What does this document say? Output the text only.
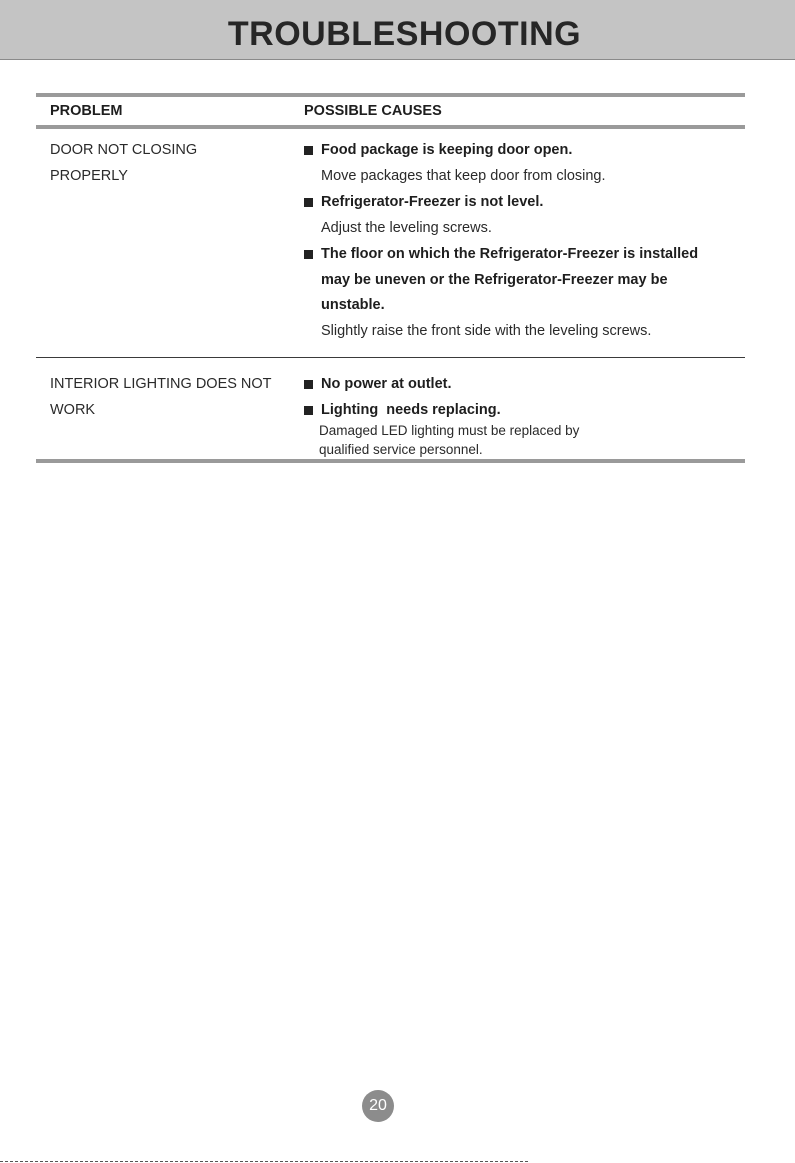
TROUBLESHOOTING
PROBLEM	POSSIBLE CAUSES
DOOR NOT CLOSING
PROPERLY
Food package is keeping door open.
Move packages that keep door from closing.
Refrigerator-Freezer is not level.
Adjust the leveling screws.
The floor on which the Refrigerator-Freezer is installed
may be uneven or the Refrigerator-Freezer may be
unstable.
Slightly raise the front side with the leveling screws.
INTERIOR LIGHTING DOES NOT
WORK
No power at outlet.
Lighting  needs replacing.
Damaged LED lighting must be replaced by
qualified service personnel.
20
